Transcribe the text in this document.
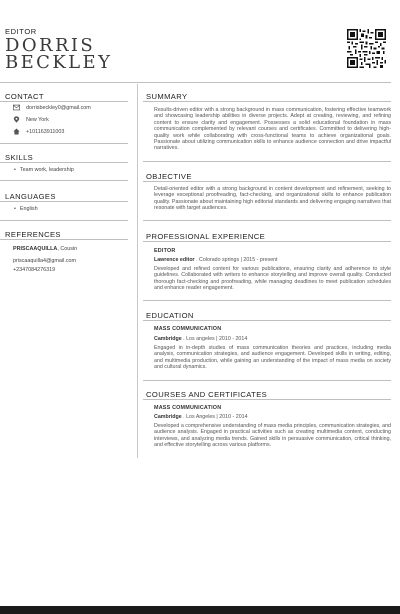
EDITOR
DORRIS
BECKLEY
CONTACT
dorrisbeckley0@gmail.com
New York
+101163911003
SKILLS
• Team work, leadership
LANGUAGES
• English
REFERENCES
PRISCAAQUILLA, Cousin
priscaaquilla4@gmail.com
+2347084276319
SUMMARY
Results-driven editor with a strong background in mass communication, fostering effective teamwork and showcasing leadership abilities in diverse projects. Adept at creating, reviewing, and refining content to ensure clarity and engagement. Possesses a solid educational foundation in mass communication complemented by relevant courses and certificates. Committed to delivering high-quality work while collaborating with cross-functional teams to achieve organizational goals. Passionate about utilizing communication skills to enhance audience connection and drive impactful narratives.
OBJECTIVE
Detail-oriented editor with a strong background in content development and refinement, seeking to leverage exceptional proofreading, fact-checking, and organizational skills to enhance publication quality. Passionate about maintaining high editorial standards and delivering engaging narratives that resonate with target audiences.
PROFESSIONAL EXPERIENCE
EDITOR
Lawrence editor . Colorado springs | 2015 - present
Developed and refined content for various publications, ensuring clarity and adherence to style guidelines. Collaborated with writers to enhance storytelling and improve overall quality. Conducted thorough fact-checking and proofreading, while managing deadlines to meet publication schedules and enhance reader engagement.
EDUCATION
MASS COMMUNICATION
Cambridge . Los angeles | 2010 - 2014
Engaged in in-depth studies of mass communication theories and practices, including media analysis, communication strategies, and audience engagement. Developed skills in writing, editing, and multimedia production, while gaining an understanding of the impact of mass media on society and cultural dynamics.
COURSES AND CERTIFICATES
MASS COMMUNICATION
Cambridge . Los Angeles | 2010 - 2014
Developed a comprehensive understanding of mass media principles, communication strategies, and audience analysis. Engaged in practical activities such as creating multimedia content, conducting interviews, and analyzing media trends. Gained skills in persuasive communication, critical thinking, and effective storytelling across various platforms.
